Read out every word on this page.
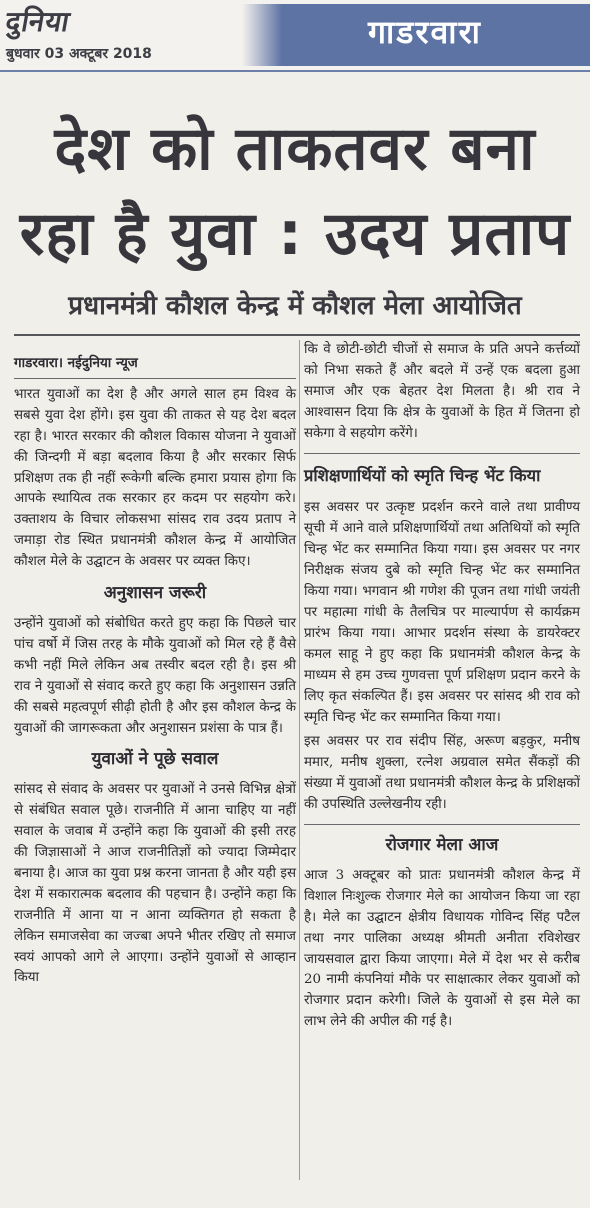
दुनिया
बुधवार 03 अक्टूबर 2018
गाडरवारा
देश को ताकतवर बना
रहा है युवा : उदय प्रताप
प्रधानमंत्री कौशल केन्द्र में कौशल मेला आयोजित
गाडरवारा। नईदुनिया न्यूज

भारत युवाओं का देश है और अगले साल हम विश्व के सबसे युवा देश होंगे। इस युवा की ताकत से यह देश बदल रहा है। भारत सरकार की कौशल विकास योजना ने युवाओं की जिन्दगी में बड़ा बदलाव किया है और सरकार सिर्फ प्रशिक्षण तक ही नहीं रूकेगी बल्कि हमारा प्रयास होगा कि आपके स्थायित्व तक सरकार हर कदम पर सहयोग करे। उक्ताशय के विचार लोकसभा सांसद राव उदय प्रताप ने जमाड़ा रोड स्थित प्रधानमंत्री कौशल केन्द्र में आयोजित कौशल मेले के उद्घाटन के अवसर पर व्यक्त किए।

अनुशासन जरूरी

उन्होंने युवाओं को संबोधित करते हुए कहा कि पिछले चार पांच वर्षो में जिस तरह के मौके युवाओं को मिल रहे हैं वैसे कभी नहीं मिले लेकिन अब तस्वीर बदल रही है। इस श्री राव ने युवाओं से संवाद करते हुए कहा कि अनुशासन उन्नति की सबसे महत्वपूर्ण सीढ़ी होती है और इस कौशल केन्द्र के युवाओं की जागरूकता और अनुशासन प्रशंसा के पात्र हैं।

युवाओं ने पूछे सवाल

सांसद से संवाद के अवसर पर युवाओं ने उनसे विभिन्न क्षेत्रों से संबंधित सवाल पूछे। राजनीति में आना चाहिए या नहीं सवाल के जवाब में उन्होंने कहा कि युवाओं की इसी तरह की जिज्ञासाओं ने आज राजनीतिज्ञों को ज्यादा जिम्मेदार बनाया है। आज का युवा प्रश्न करना जानता है और यही इस देश में सकारात्मक बदलाव की पहचान है। उन्होंने कहा कि राजनीति में आना या न आना व्यक्तिगत हो सकता है लेकिन समाजसेवा का जज्बा अपने भीतर रखिए तो समाज स्वयं आपको आगे ले आएगा। उन्होंने युवाओं से आव्हान किया

कि वे छोटी-छोटी चीजों से समाज के प्रति अपने कर्त्तव्यों को निभा सकते हैं और बदले में उन्हें एक बदला हुआ समाज और एक बेहतर देश मिलता है। श्री राव ने आश्वासन दिया कि क्षेत्र के युवाओं के हित में जितना हो सकेगा वे सहयोग करेंगे।

प्रशिक्षणार्थियों को स्मृति चिन्ह भेंट किया

इस अवसर पर उत्कृष्ट प्रदर्शन करने वाले तथा प्रावीण्य सूची में आने वाले प्रशिक्षणार्थियों तथा अतिथियों को स्मृति चिन्ह भेंट कर सम्मानित किया गया। इस अवसर पर नगर निरीक्षक संजय दुबे को स्मृति चिन्ह भेंट कर सम्मानित किया गया। भगवान श्री गणेश की पूजन तथा गांधी जयंती पर महात्मा गांधी के तैलचित्र पर माल्यार्पण से कार्यक्रम प्रारंभ किया गया। आभार प्रदर्शन संस्था के डायरेक्टर कमल साहू ने हुए कहा कि प्रधानमंत्री कौशल केन्द्र के माध्यम से हम उच्च गुणवत्ता पूर्ण प्रशिक्षण प्रदान करने के लिए कृत संकल्पित हैं। इस अवसर पर सांसद श्री राव को स्मृति चिन्ह भेंट कर सम्मानित किया गया।

इस अवसर पर राव संदीप सिंह, अरूण बड़कुर, मनीष ममार, मनीष शुक्ला, रत्नेश अग्रवाल समेत सैंकड़ों की संख्या में युवाओं तथा प्रधानमंत्री कौशल केन्द्र के प्रशिक्षकों की उपस्थिति उल्लेखनीय रही।

रोजगार मेला आज

आज 3 अक्टूबर को प्रातः प्रधानमंत्री कौशल केन्द्र में विशाल निःशुल्क रोजगार मेले का आयोजन किया जा रहा है। मेले का उद्घाटन क्षेत्रीय विधायक गोविन्द सिंह पटैल तथा नगर पालिका अध्यक्ष श्रीमती अनीता रविशेखर जायसवाल द्वारा किया जाएगा। मेले में देश भर से करीब 20 नामी कंपनियां मौके पर साक्षात्कार लेकर युवाओं को रोजगार प्रदान करेगी। जिले के युवाओं से इस मेले का लाभ लेने की अपील की गई है।
